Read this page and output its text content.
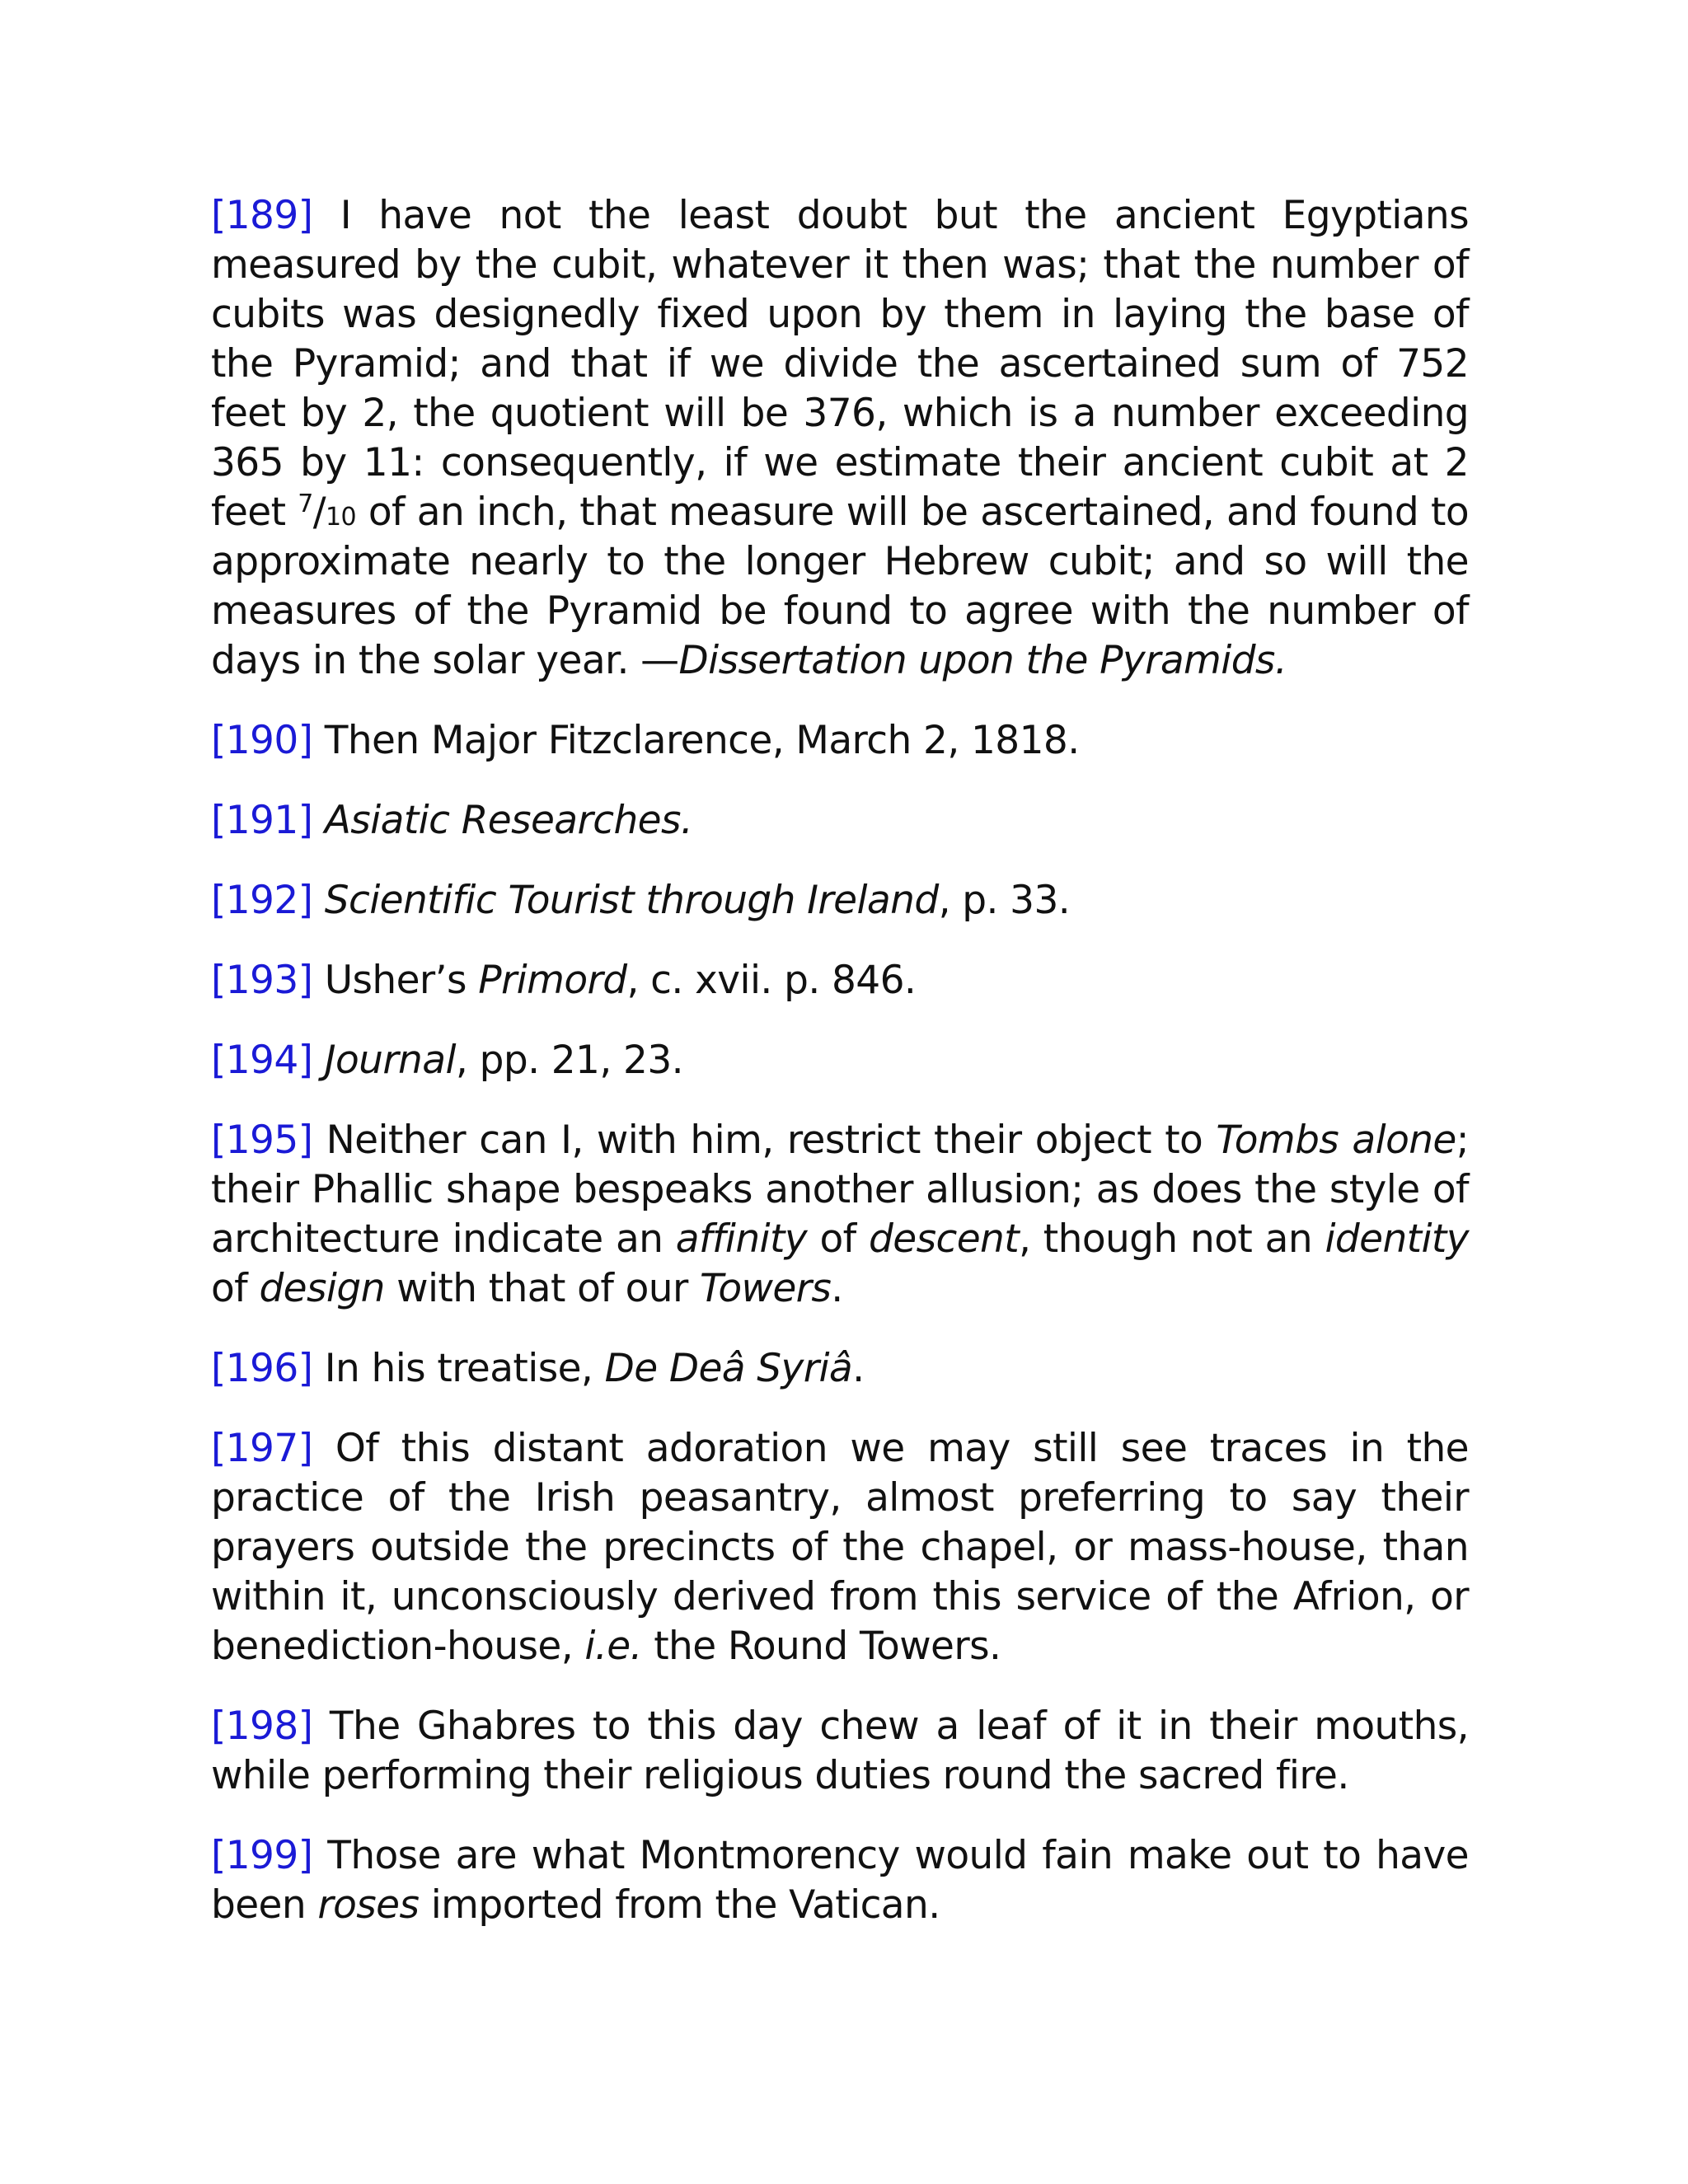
[189] I have not the least doubt but the ancient Egyptians measured by the cubit, whatever it then was; that the number of cubits was designedly fixed upon by them in laying the base of the Pyramid; and that if we divide the ascertained sum of 752 feet by 2, the quotient will be 376, which is a number exceeding 365 by 11: consequently, if we estimate their ancient cubit at 2 feet $^7$/10 of an inch, that measure will be ascertained, and found to approximate nearly to the longer Hebrew cubit; and so will the measures of the Pyramid be found to agree with the number of days in the solar year. —Dissertation upon the Pyramids.

[190] Then Major Fitzclarence, March 2, 1818.

[191] Asiatic Researches.

[192] Scientific Tourist through Ireland, p. 33.

[193] Usher’s Primord, c. xvii. p. 846.

[194] Journal, pp. 21, 23.

[195] Neither can I, with him, restrict their object to Tombs alone; their Phallic shape bespeaks another allusion; as does the style of architecture indicate an affinity of descent, though not an identity of design with that of our Towers.

[196] In his treatise, De Deâ Syriâ.

[197] Of this distant adoration we may still see traces in the practice of the Irish peasantry, almost preferring to say their prayers outside the precincts of the chapel, or mass-house, than within it, unconsciously derived from this service of the Afrion, or benediction-house, i.e. the Round Towers.

[198] The Ghabres to this day chew a leaf of it in their mouths, while performing their religious duties round the sacred fire.

[199] Those are what Montmorency would fain make out to have been roses imported from the Vatican.
